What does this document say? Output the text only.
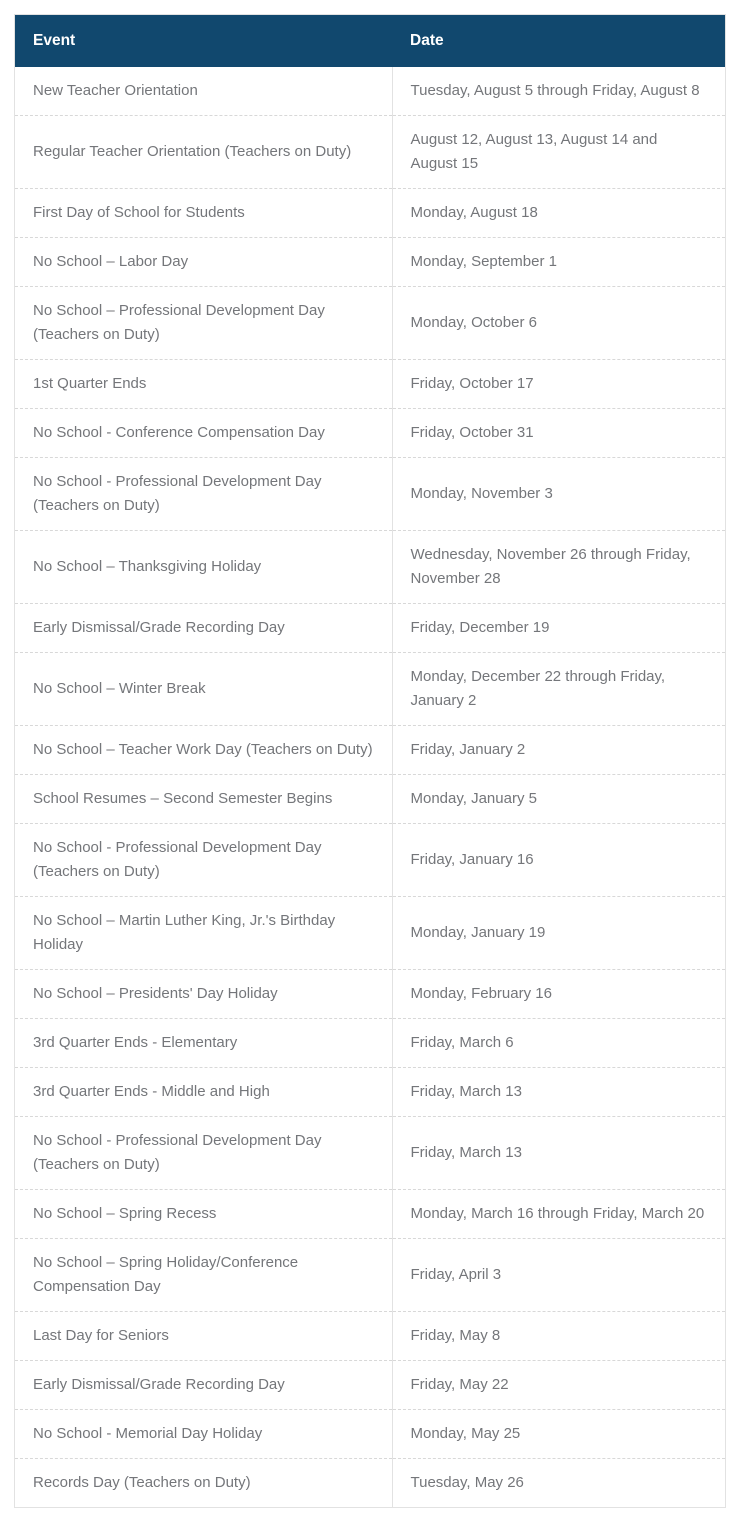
Event	Date
New Teacher Orientation	Tuesday, August 5 through Friday, August 8
Regular Teacher Orientation (Teachers on Duty)	August 12, August 13, August 14 and August 15
First Day of School for Students	Monday, August 18
No School – Labor Day	Monday, September 1
No School – Professional Development Day (Teachers on Duty)	Monday, October 6
1st Quarter Ends	Friday, October 17
No School - Conference Compensation Day	Friday, October 31
No School - Professional Development Day (Teachers on Duty)	Monday, November 3
No School – Thanksgiving Holiday	Wednesday, November 26 through Friday, November 28
Early Dismissal/Grade Recording Day	Friday, December 19
No School – Winter Break	Monday, December 22 through Friday, January 2
No School – Teacher Work Day (Teachers on Duty)	Friday, January 2
School Resumes – Second Semester Begins	Monday, January 5
No School - Professional Development Day (Teachers on Duty)	Friday, January 16
No School – Martin Luther King, Jr.'s Birthday Holiday	Monday, January 19
No School – Presidents' Day Holiday	Monday, February 16
3rd Quarter Ends - Elementary	Friday, March 6
3rd Quarter Ends - Middle and High	Friday, March 13
No School - Professional Development Day (Teachers on Duty)	Friday, March 13
No School – Spring Recess	Monday, March 16 through Friday, March 20
No School – Spring Holiday/Conference Compensation Day	Friday, April 3
Last Day for Seniors	Friday, May 8
Early Dismissal/Grade Recording Day	Friday, May 22
No School - Memorial Day Holiday	Monday, May 25
Records Day (Teachers on Duty)	Tuesday, May 26
